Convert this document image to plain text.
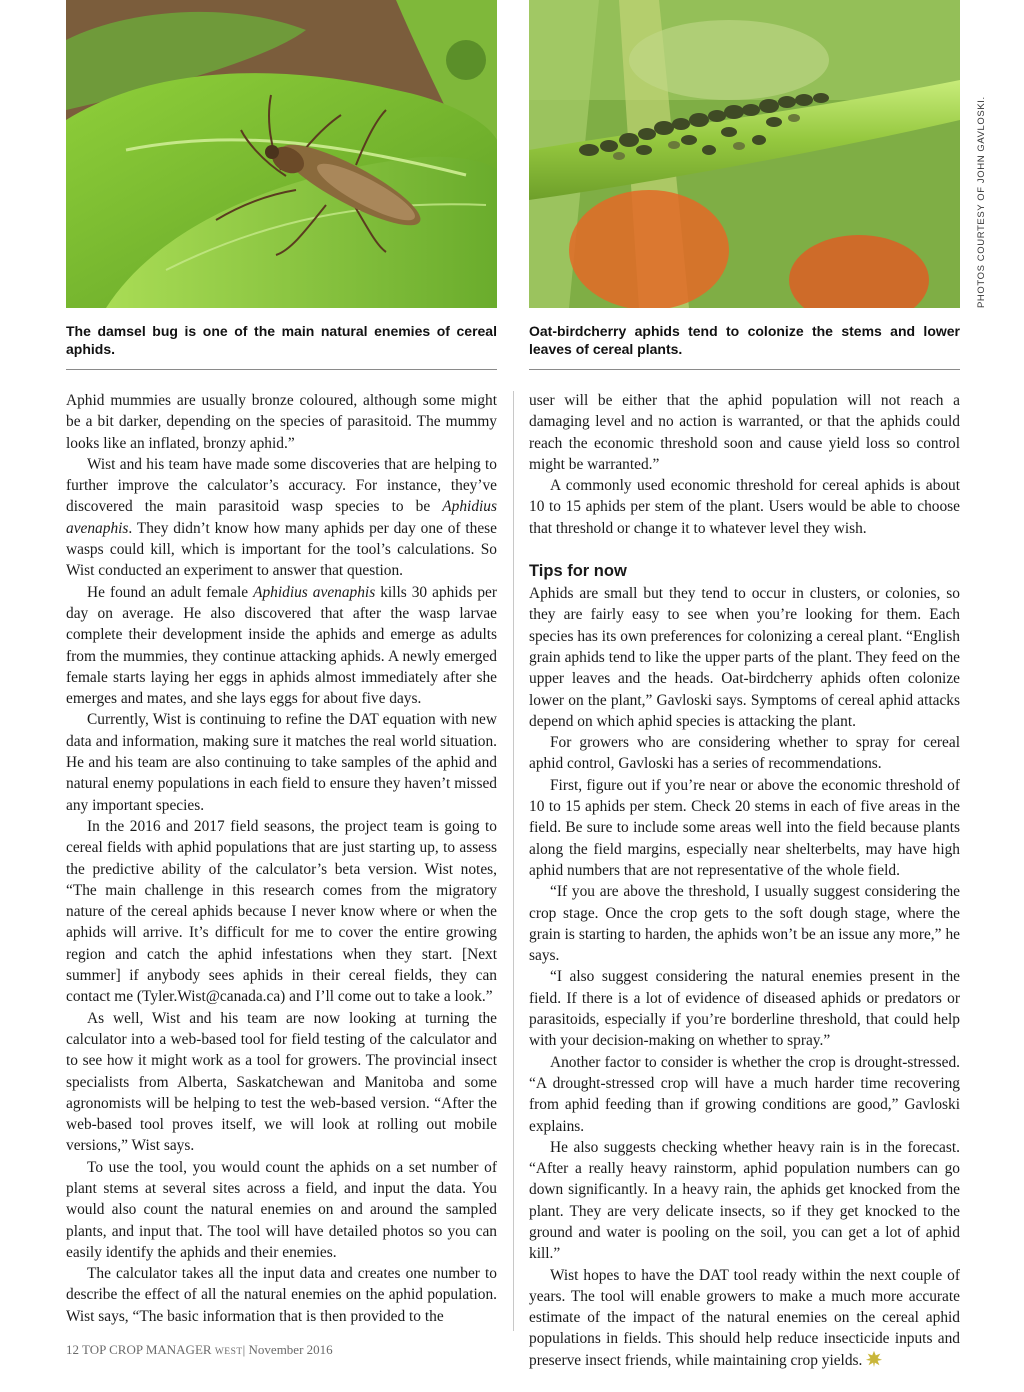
PHOTOS COURTESY OF JOHN GAVLOSKI.

The damsel bug is one of the main natural enemies of cereal aphids.

Oat-birdcherry aphids tend to colonize the stems and lower leaves of cereal plants.

Aphid mummies are usually bronze coloured, although some might be a bit darker, depending on the species of parasitoid. The mummy looks like an inflated, bronzy aphid.”

Wist and his team have made some discoveries that are helping to further improve the calculator’s accuracy. For instance, they’ve discovered the main parasitoid wasp species to be Aphidius avenaphis. They didn’t know how many aphids per day one of these wasps could kill, which is important for the tool’s calculations. So Wist conducted an experiment to answer that question.

He found an adult female Aphidius avenaphis kills 30 aphids per day on average. He also discovered that after the wasp larvae complete their development inside the aphids and emerge as adults from the mummies, they continue attacking aphids. A newly emerged female starts laying her eggs in aphids almost immediately after she emerges and mates, and she lays eggs for about five days.

Currently, Wist is continuing to refine the DAT equation with new data and information, making sure it matches the real world situation. He and his team are also continuing to take samples of the aphid and natural enemy populations in each field to ensure they haven’t missed any important species.

In the 2016 and 2017 field seasons, the project team is going to cereal fields with aphid populations that are just starting up, to assess the predictive ability of the calculator’s beta version. Wist notes, “The main challenge in this research comes from the migratory nature of the cereal aphids because I never know where or when the aphids will arrive. It’s difficult for me to cover the entire growing region and catch the aphid infestations when they start. [Next summer] if anybody sees aphids in their cereal fields, they can contact me (Tyler.Wist@canada.ca) and I’ll come out to take a look.”

As well, Wist and his team are now looking at turning the calculator into a web-based tool for field testing of the calculator and to see how it might work as a tool for growers. The provincial insect specialists from Alberta, Saskatchewan and Manitoba and some agronomists will be helping to test the web-based version. “After the web-based tool proves itself, we will look at rolling out mobile versions,” Wist says.

To use the tool, you would count the aphids on a set number of plant stems at several sites across a field, and input the data. You would also count the natural enemies on and around the sampled plants, and input that. The tool will have detailed photos so you can easily identify the aphids and their enemies.

The calculator takes all the input data and creates one number to describe the effect of all the natural enemies on the aphid population. Wist says, “The basic information that is then provided to the

user will be either that the aphid population will not reach a damaging level and no action is warranted, or that the aphids could reach the economic threshold soon and cause yield loss so control might be warranted.”

A commonly used economic threshold for cereal aphids is about 10 to 15 aphids per stem of the plant. Users would be able to choose that threshold or change it to whatever level they wish.

Tips for now

Aphids are small but they tend to occur in clusters, or colonies, so they are fairly easy to see when you’re looking for them. Each species has its own preferences for colonizing a cereal plant. “English grain aphids tend to like the upper parts of the plant. They feed on the upper leaves and the heads. Oat-birdcherry aphids often colonize lower on the plant,” Gavloski says. Symptoms of cereal aphid attacks depend on which aphid species is attacking the plant.

For growers who are considering whether to spray for cereal aphid control, Gavloski has a series of recommendations.

First, figure out if you’re near or above the economic threshold of 10 to 15 aphids per stem. Check 20 stems in each of five areas in the field. Be sure to include some areas well into the field because plants along the field margins, especially near shelterbelts, may have high aphid numbers that are not representative of the whole field.

“If you are above the threshold, I usually suggest considering the crop stage. Once the crop gets to the soft dough stage, where the grain is starting to harden, the aphids won’t be an issue any more,” he says.

“I also suggest considering the natural enemies present in the field. If there is a lot of evidence of diseased aphids or predators or parasitoids, especially if you’re borderline threshold, that could help with your decision-making on whether to spray.”

Another factor to consider is whether the crop is drought-stressed. “A drought-stressed crop will have a much harder time recovering from aphid feeding than if growing conditions are good,” Gavloski explains.

He also suggests checking whether heavy rain is in the forecast. “After a really heavy rainstorm, aphid population numbers can go down significantly. In a heavy rain, the aphids get knocked from the plant. They are very delicate insects, so if they get knocked to the ground and water is pooling on the soil, you can get a lot of aphid kill.”

Wist hopes to have the DAT tool ready within the next couple of years. The tool will enable growers to make a much more accurate estimate of the impact of the natural enemies on the cereal aphid populations in fields. This should help reduce insecticide inputs and preserve insect friends, while maintaining crop yields.

12 TOP CROP MANAGER WEST| November 2016
